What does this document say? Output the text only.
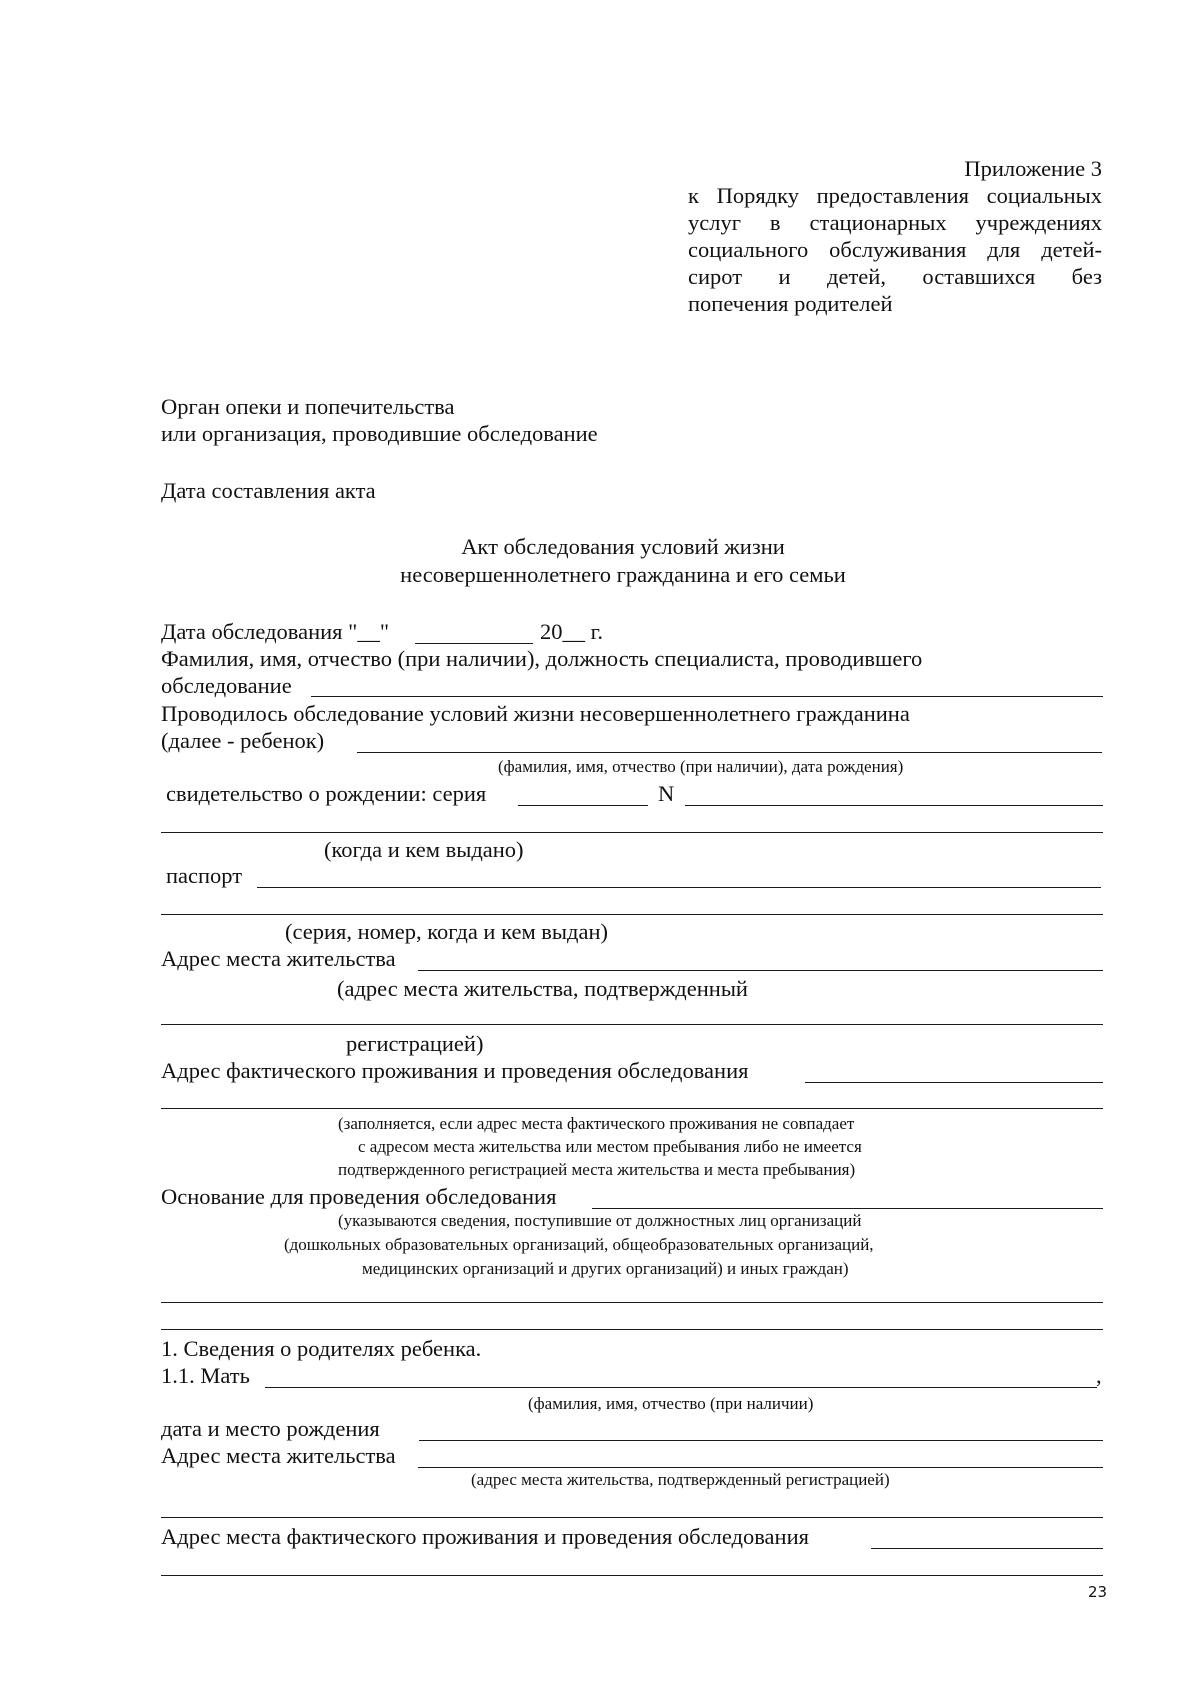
Приложение 3
к Порядку предоставления социальных
услуг в стационарных учреждениях
социального обслуживания для детей-
сирот и детей, оставшихся без
попечения родителей
Орган опеки и попечительства
или организация, проводившие обследование
Дата составления акта
Акт обследования условий жизни
несовершеннолетнего гражданина и его семьи
Дата обследования "__"	20__ г.
Фамилия, имя, отчество (при наличии), должность специалиста, проводившего
обследование
Проводилось обследование условий жизни несовершеннолетнего гражданина
(далее - ребенок)
(фамилия, имя, отчество (при наличии), дата рождения)
свидетельство о рождении: серия	N
(когда и кем выдано)
паспорт
(серия, номер, когда и кем выдан)
Адрес места жительства
(адрес места жительства, подтвержденный
регистрацией)
Адрес фактического проживания и проведения обследования
(заполняется, если адрес места фактического проживания не совпадает
с адресом места жительства или местом пребывания либо не имеется
подтвержденного регистрацией места жительства и места пребывания)
Основание для проведения обследования
(указываются сведения, поступившие от должностных лиц организаций
(дошкольных образовательных организаций, общеобразовательных организаций,
медицинских организаций и других организаций) и иных граждан)
1. Сведения о родителях ребенка.
1.1. Мать	,
(фамилия, имя, отчество (при наличии)
дата и место рождения
Адрес места жительства
(адрес места жительства, подтвержденный регистрацией)
Адрес места фактического проживания и проведения обследования
23
